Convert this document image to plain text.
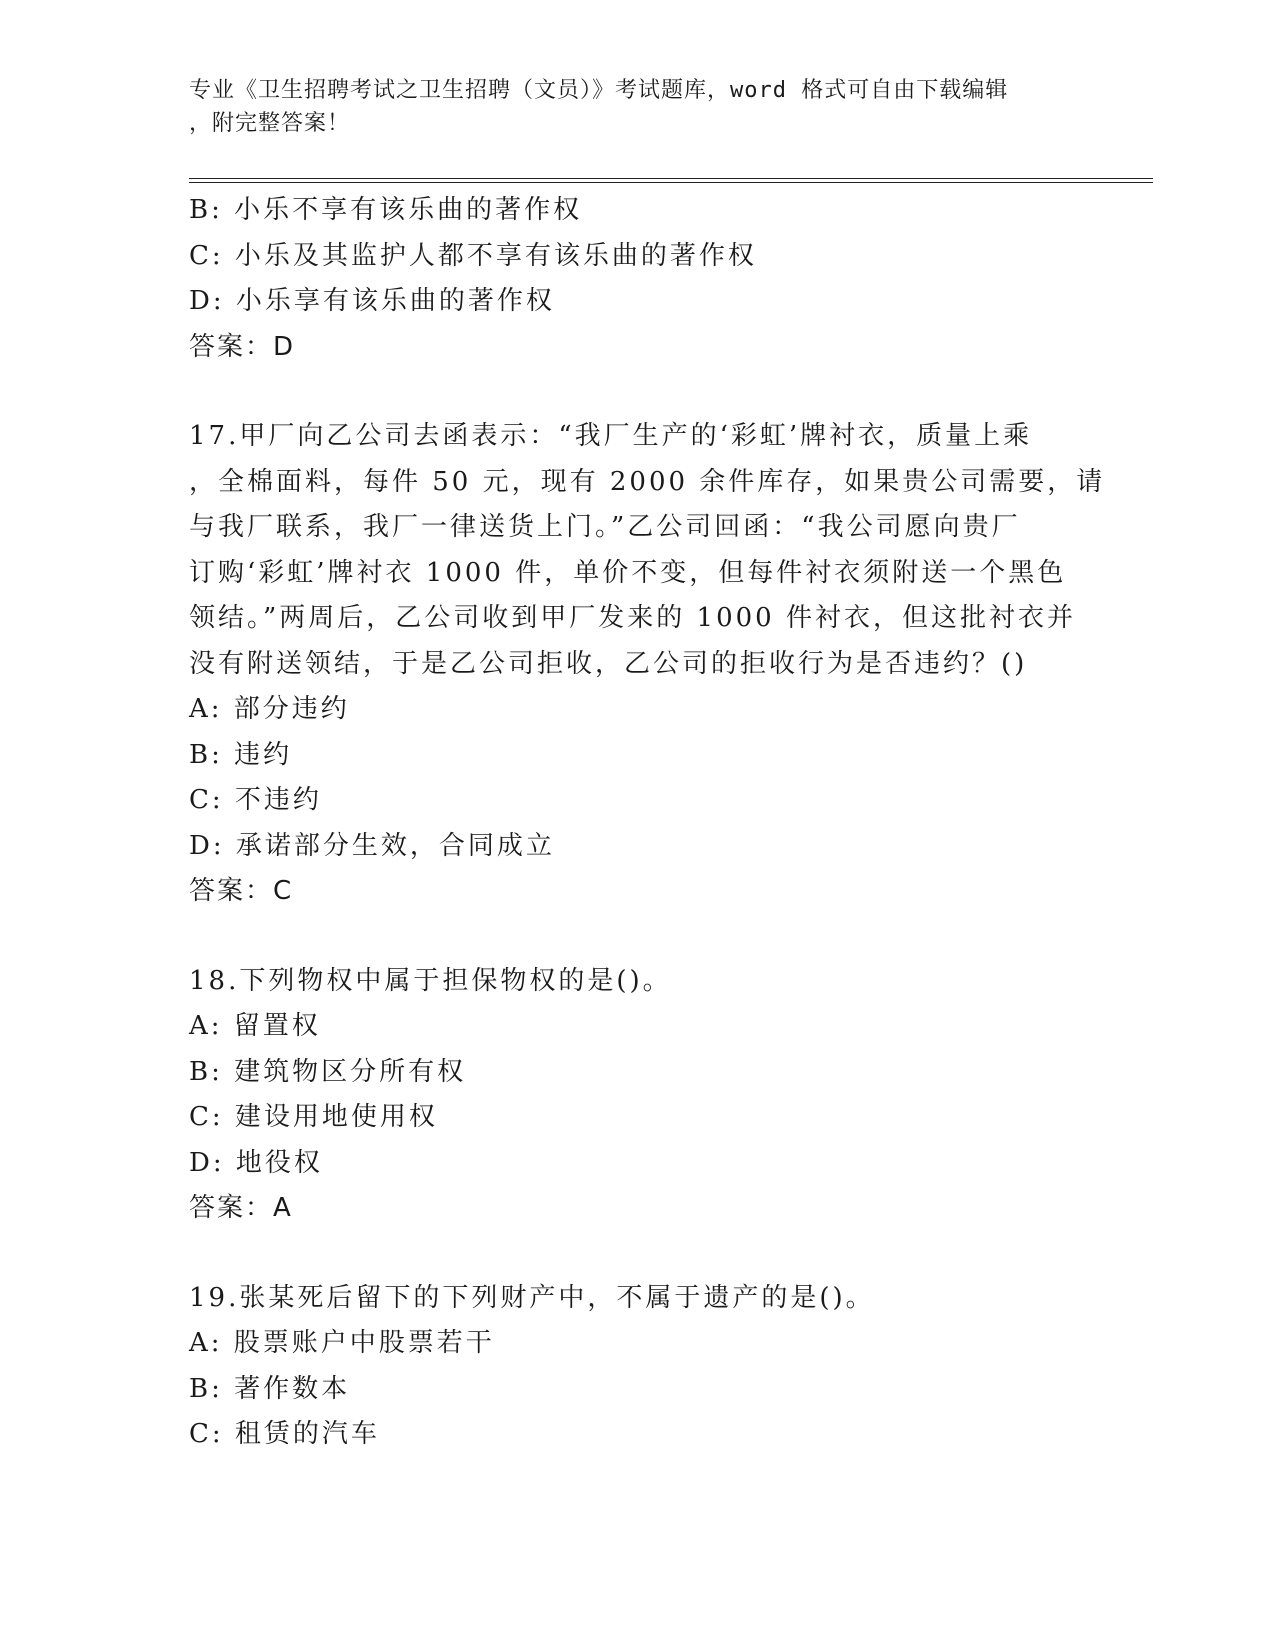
专业《卫生招聘考试之卫生招聘（文员）》考试题库，word 格式可自由下载编辑
，附完整答案！
B: 小乐不享有该乐曲的著作权
C: 小乐及其监护人都不享有该乐曲的著作权
D: 小乐享有该乐曲的著作权
答案：D
17.甲厂向乙公司去函表示：“我厂生产的‘彩虹’牌衬衣，质量上乘
，全棉面料，每件 50 元，现有 2000 余件库存，如果贵公司需要，请
与我厂联系，我厂一律送货上门。”乙公司回函：“我公司愿向贵厂
订购‘彩虹’牌衬衣 1000 件，单价不变，但每件衬衣须附送一个黑色
领结。”两周后，乙公司收到甲厂发来的 1000 件衬衣，但这批衬衣并
没有附送领结，于是乙公司拒收，乙公司的拒收行为是否违约？()
A: 部分违约
B: 违约
C: 不违约
D: 承诺部分生效，合同成立
答案：C
18.下列物权中属于担保物权的是()。
A: 留置权
B: 建筑物区分所有权
C: 建设用地使用权
D: 地役权
答案：A
19.张某死后留下的下列财产中，不属于遗产的是()。
A: 股票账户中股票若干
B: 著作数本
C: 租赁的汽车
